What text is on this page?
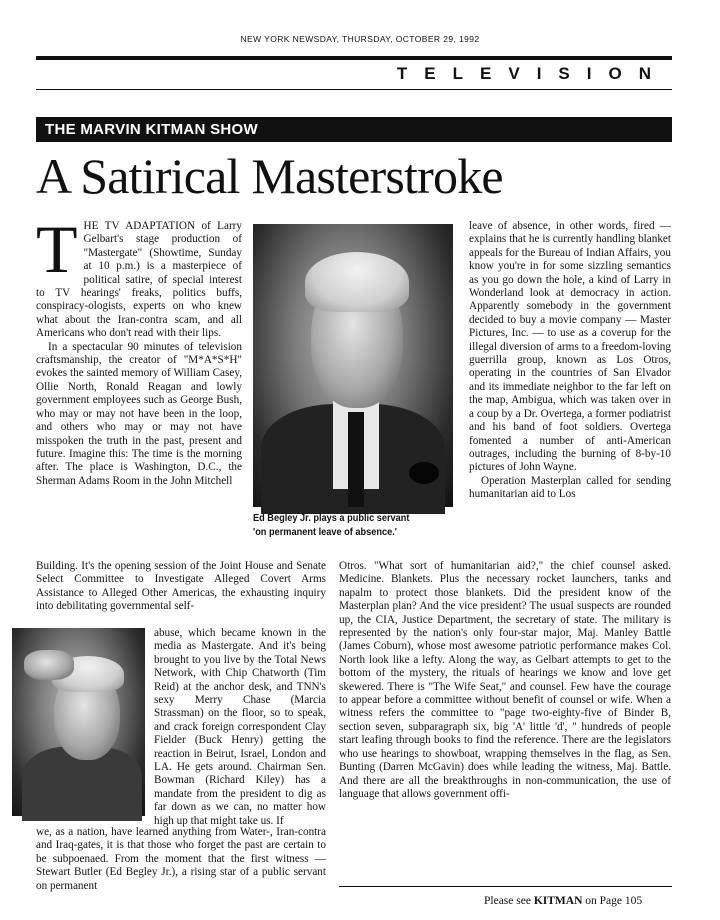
NEW YORK NEWSDAY, THURSDAY, OCTOBER 29, 1992
TELEVISION
THE MARVIN KITMAN SHOW
A Satirical Masterstroke
T HE TV ADAPTATION of Larry Gelbart's stage production of "Mastergate" (Showtime, Sunday at 10 p.m.) is a masterpiece of political satire, of special interest to TV hearings' freaks, politics buffs, conspiracy-ologists, experts on who knew what about the Iran-contra scam, and all Americans who don't read with their lips.

In a spectacular 90 minutes of television craftsmanship, the creator of "M*A*S*H" evokes the sainted memory of William Casey, Ollie North, Ronald Reagan and lowly government employees such as George Bush, who may or may not have been in the loop, and others who may or may not have misspoken the truth in the past, present and future. Imagine this: The time is the morning after. The place is Washington, D.C., the Sherman Adams Room in the John Mitchell

Ed Begley Jr. plays a public servant
'on permanent leave of absence.'

leave of absence, in other words, fired — explains that he is currently handling blanket appeals for the Bureau of Indian Affairs, you know you're in for some sizzling semantics as you go down the hole, a kind of Larry in Wonderland look at democracy in action. Apparently somebody in the government decided to buy a movie company — Master Pictures, Inc. — to use as a coverup for the illegal diversion of arms to a freedom-loving guerrilla group, known as Los Otros, operating in the countries of San Elvador and its immediate neighbor to the far left on the map, Ambigua, which was taken over in a coup by a Dr. Overtega, a former podiatrist and his band of foot soldiers. Overtega fomented a number of anti-American outrages, including the burning of 8-by-10 pictures of John Wayne.

Operation Masterplan called for sending humanitarian aid to Los

Building. It's the opening session of the Joint House and Senate Select Committee to Investigate Alleged Covert Arms Assistance to Alleged Other Americas, the exhausting inquiry into debilitating governmental self-

abuse, which became known in the media as Mastergate. And it's being brought to you live by the Total News Network, with Chip Chatworth (Tim Reid) at the anchor desk, and TNN's sexy Merry Chase (Marcia Strassman) on the floor, so to speak, and crack foreign correspondent Clay Fielder (Buck Henry) getting the reaction in Beirut, Israel, London and LA. He gets around. Chairman Sen. Bowman (Richard Kiley) has a mandate from the president to dig as far down as we can, no matter how high up that might take us. If

we, as a nation, have learned anything from Water-, Iran-contra and Iraq-gates, it is that those who forget the past are certain to be subpoenaed. From the moment that the first witness — Stewart Butler (Ed Begley Jr.), a rising star of a public servant on permanent

Otros. "What sort of humanitarian aid?," the chief counsel asked. Medicine. Blankets. Plus the necessary rocket launchers, tanks and napalm to protect those blankets. Did the president know of the Masterplan plan? And the vice president? The usual suspects are rounded up, the CIA, Justice Department, the secretary of state. The military is represented by the nation's only four-star major, Maj. Manley Battle (James Coburn), whose most awesome patriotic performance makes Col. North look like a lefty. Along the way, as Gelbart attempts to get to the bottom of the mystery, the rituals of hearings we know and love get skewered. There is "The Wife Seat," and counsel. Few have the courage to appear before a committee without benefit of counsel or wife. When a witness refers the committee to "page two-eighty-five of Binder B, section seven, subparagraph six, big 'A' little 'd', " hundreds of people start leafing through books to find the reference. There are the legislators who use hearings to showboat, wrapping themselves in the flag, as Sen. Bunting (Darren McGavin) does while leading the witness, Maj. Battle. And there are all the breakthroughs in non-communication, the use of language that allows government offi-

Please see KITMAN on Page 105
